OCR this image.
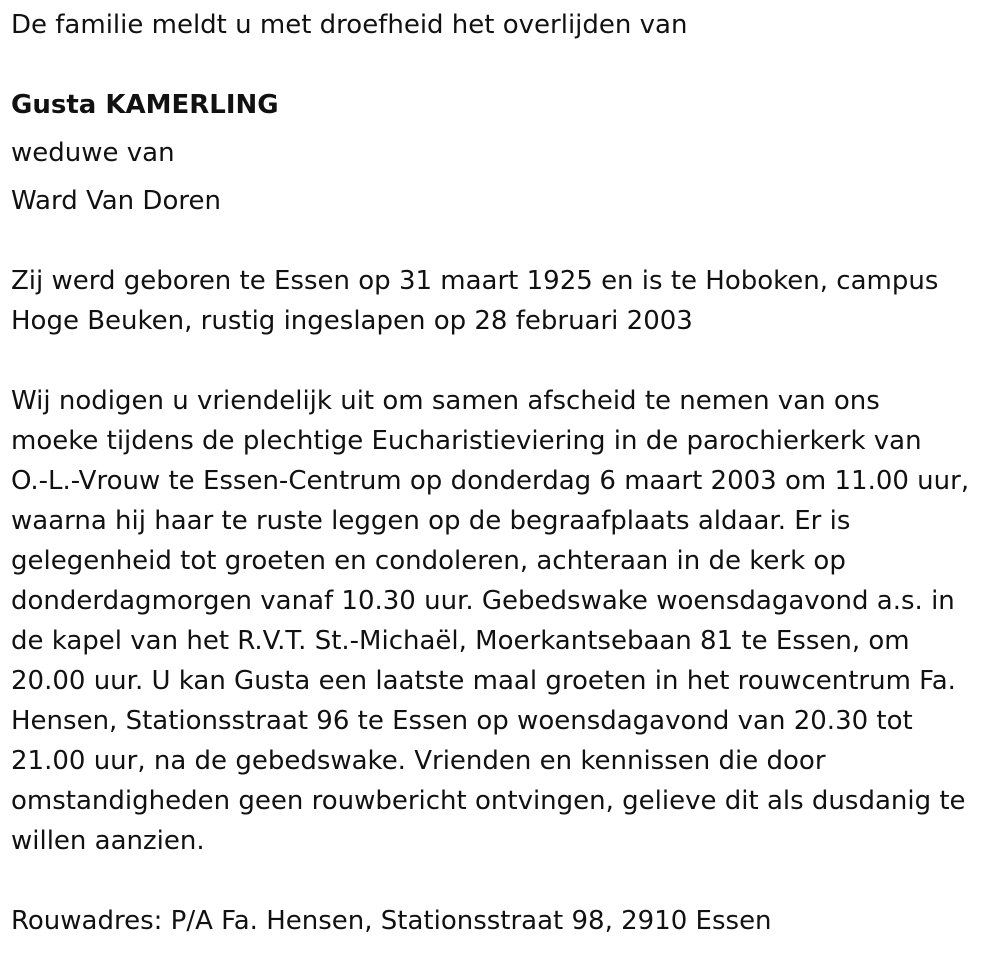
De familie meldt u met droefheid het overlijden van

Gusta KAMERLING

weduwe van

Ward Van Doren

Zij werd geboren te Essen op 31 maart 1925 en is te Hoboken, campus
Hoge Beuken, rustig ingeslapen op 28 februari 2003
Wij nodigen u vriendelijk uit om samen afscheid te nemen van ons
moeke tijdens de plechtige Eucharistieviering in de parochierkerk van
O.-L.-Vrouw te Essen-Centrum op donderdag 6 maart 2003 om 11.00 uur,
waarna hij haar te ruste leggen op de begraafplaats aldaar. Er is
gelegenheid tot groeten en condoleren, achteraan in de kerk op
donderdagmorgen vanaf 10.30 uur. Gebedswake woensdagavond a.s. in
de kapel van het R.V.T. St.-Michaël, Moerkantsebaan 81 te Essen, om
20.00 uur. U kan Gusta een laatste maal groeten in het rouwcentrum Fa.
Hensen, Stationsstraat 96 te Essen op woensdagavond van 20.30 tot
21.00 uur, na de gebedswake. Vrienden en kennissen die door
omstandigheden geen rouwbericht ontvingen, gelieve dit als dusdanig te
willen aanzien.

Rouwadres: P/A Fa. Hensen, Stationsstraat 98, 2910 Essen
